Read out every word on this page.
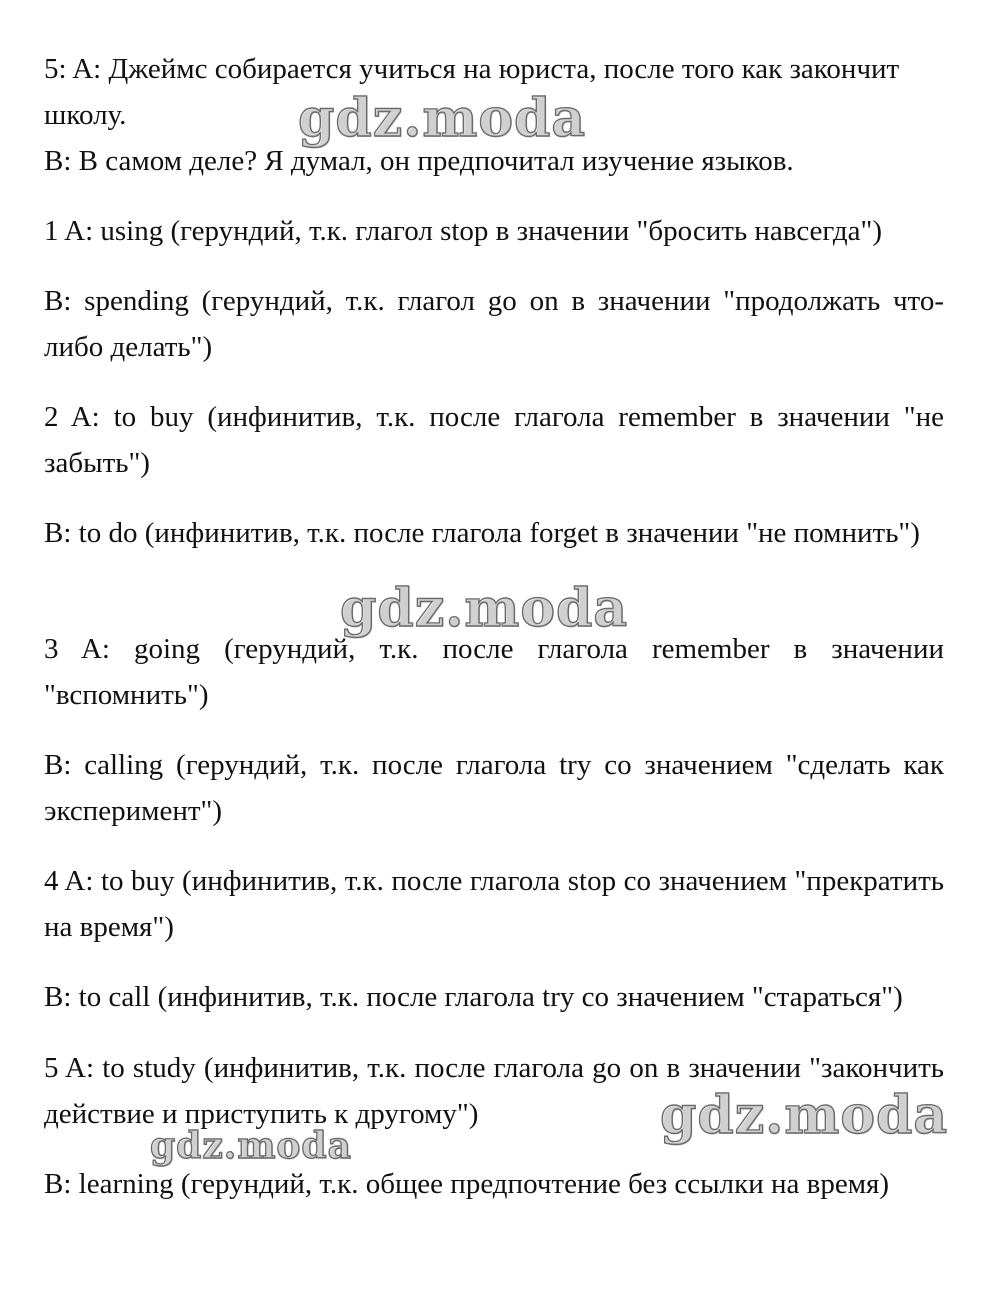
5: A: Джеймс собирается учиться на юриста, после того как закончит школу.

B: В самом деле? Я думал, он предпочитал изучение языков.

1 A: using (герундий, т.к. глагол stop в значении "бросить навсегда")

B: spending (герундий, т.к. глагол go on в значении "продолжать что-либо делать")

2 A: to buy (инфинитив, т.к. после глагола remember в значении "не забыть")

B: to do (инфинитив, т.к. после глагола forget в значении "не помнить")

3 A: going (герундий, т.к. после глагола remember в значении "вспомнить")

B: calling (герундий, т.к. после глагола try со значением "сделать как эксперимент")

4 A: to buy (инфинитив, т.к. после глагола stop со значением "прекратить на время")

B: to call (инфинитив, т.к. после глагола try со значением "стараться")

5 A: to study (инфинитив, т.к. после глагола go on в значении "закончить действие и приступить к другому")

B: learning (герундий, т.к. общее предпочтение без ссылки на время)

gdz.moda
gdz.moda
gdz.moda
gdz.moda
